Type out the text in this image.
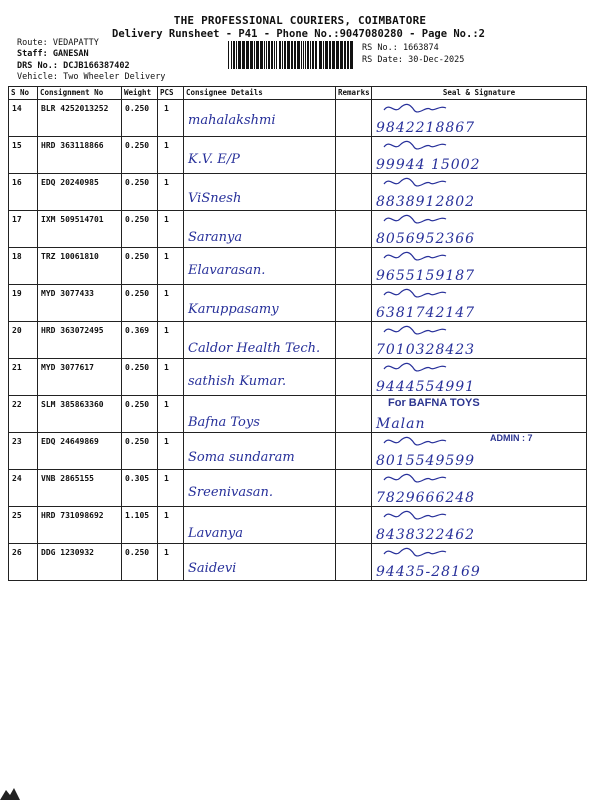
THE PROFESSIONAL COURIERS, COIMBATORE
Delivery Runsheet - P41 - Phone No.:9047080280 - Page No.:2
Route: VEDAPATTY
Staff: GANESAN
DRS No.: DCJB166387402
Vehicle: Two Wheeler Delivery
RS No.: 1663874
RS Date: 30-Dec-2025
S No	Consignment No	Weight	PCS	Consignee Details	Remarks	Seal & Signature

14	BLR 4252013252	0.250	1	mahalakshmi		9842218867

15	HRD 363118866	0.250	1	K.V. E/P		99944 15002

16	EDQ 20240985	0.250	1	ViSnesh		8838912802

17	IXM 509514701	0.250	1	Saranya		8056952366

18	TRZ 10061810	0.250	1	Elavarasan.		9655159187

19	MYD 3077433	0.250	1	Karuppasamy		6381742147

20	HRD 363072495	0.369	1	Caldor Health Tech.		7010328423

21	MYD 3077617	0.250	1	sathish Kumar.		9444554991

22	SLM 385863360	0.250	1	Bafna Toys		Malan
For BAFNA TOYS

23	EDQ 24649869	0.250	1	Soma sundaram		8015549599
ADMIN : 7

24	VNB 2865155	0.305	1	Sreenivasan.		7829666248

25	HRD 731098692	1.105	1	Lavanya		8438322462

26	DDG 1230932	0.250	1	Saidevi		94435-28169
